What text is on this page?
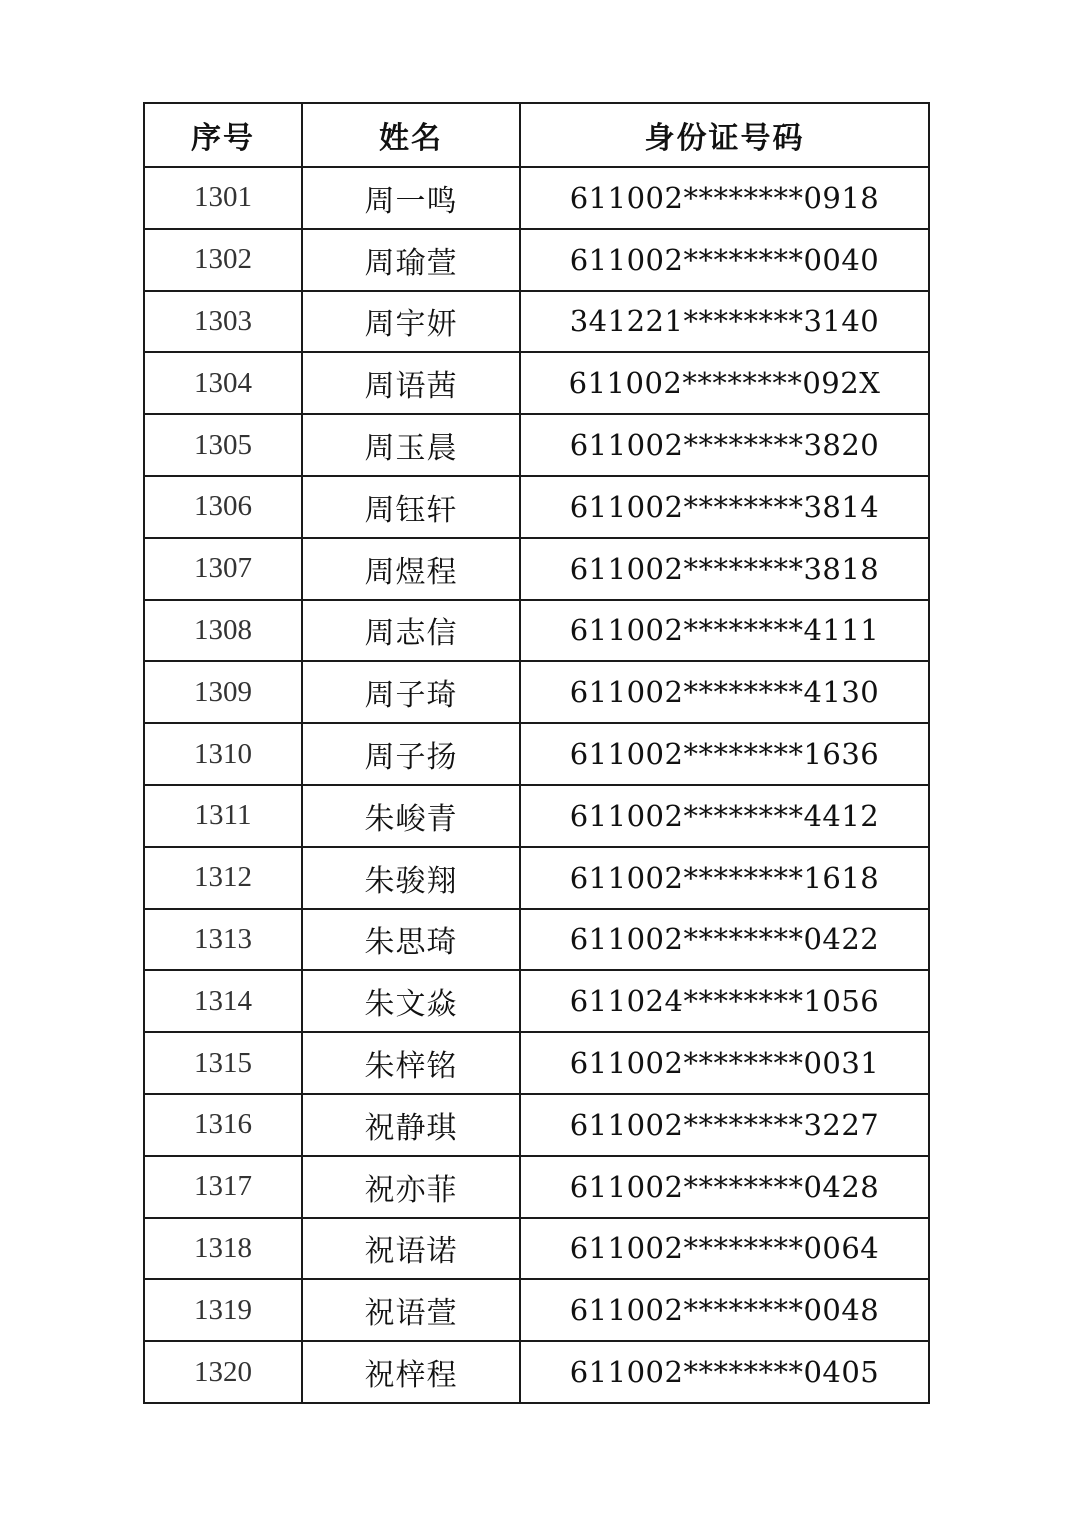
序号	姓名	身份证号码
1301	周一鸣	611002********0918
1302	周瑜萱	611002********0040
1303	周宇妍	341221********3140
1304	周语茜	611002********092X
1305	周玉晨	611002********3820
1306	周钰轩	611002********3814
1307	周煜程	611002********3818
1308	周志信	611002********4111
1309	周子琦	611002********4130
1310	周子扬	611002********1636
1311	朱峻青	611002********4412
1312	朱骏翔	611002********1618
1313	朱思琦	611002********0422
1314	朱文焱	611024********1056
1315	朱梓铭	611002********0031
1316	祝静琪	611002********3227
1317	祝亦菲	611002********0428
1318	祝语诺	611002********0064
1319	祝语萱	611002********0048
1320	祝梓程	611002********0405
